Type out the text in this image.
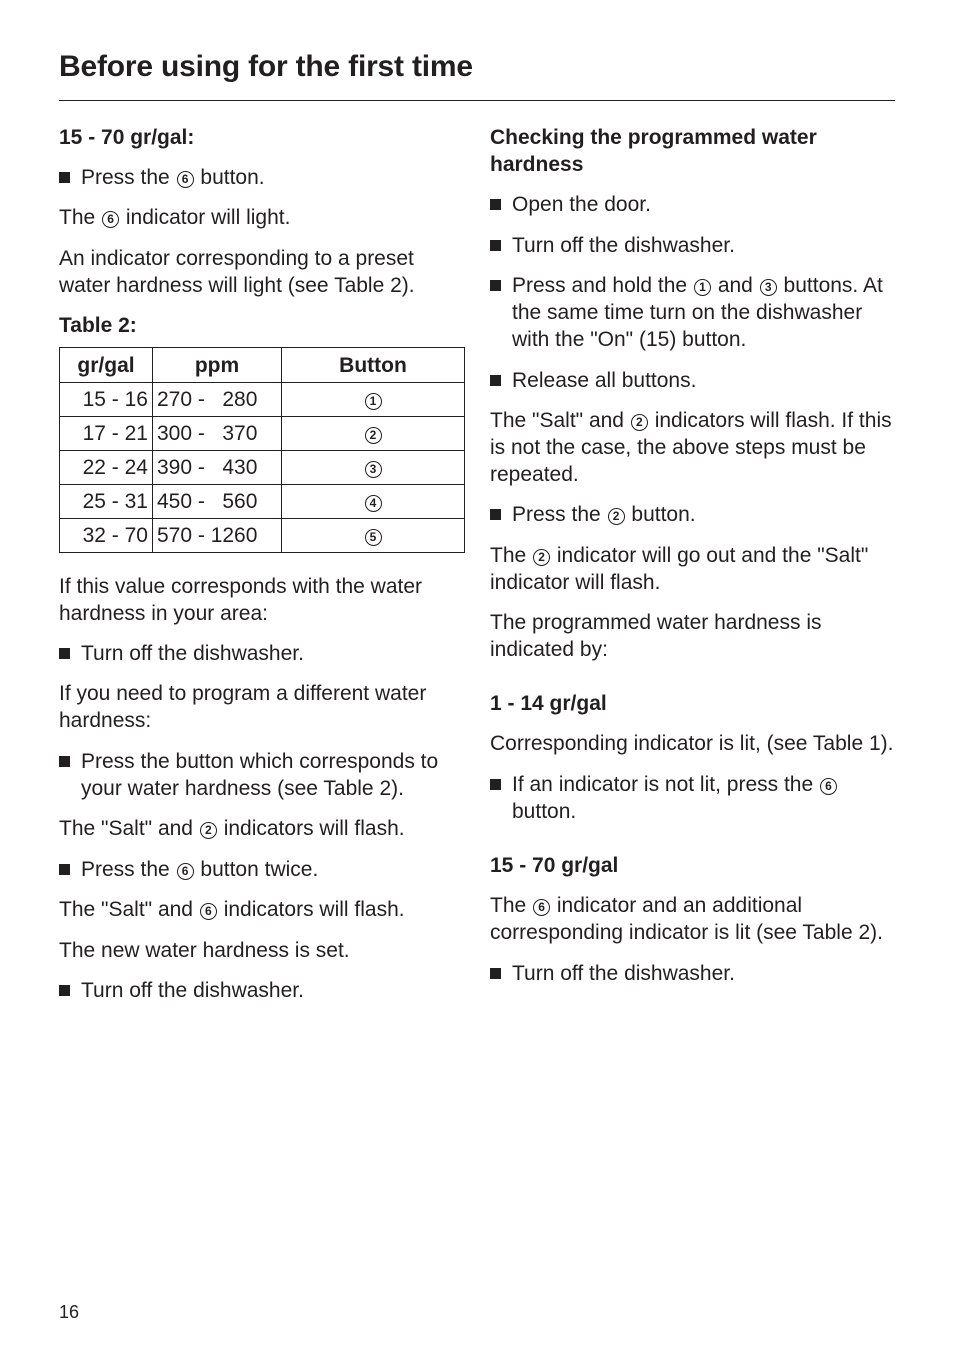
Before using for the first time

15 - 70 gr/gal:

Press the 6 button.

The 6 indicator will light.

An indicator corresponding to a preset water hardness will light (see Table 2).

Table 2:

gr/gal	ppm	Button
15 - 16	270 -   280	1
17 - 21	300 -   370	2
22 - 24	390 -   430	3
25 - 31	450 -   560	4
32 - 70	570 - 1260	5

If this value corresponds with the water hardness in your area:

Turn off the dishwasher.

If you need to program a different water hardness:

Press the button which corresponds to your water hardness (see Table 2).

The "Salt" and 2 indicators will flash.

Press the 6 button twice.

The "Salt" and 6 indicators will flash.

The new water hardness is set.

Turn off the dishwasher.

Checking the programmed water hardness

Open the door.

Turn off the dishwasher.

Press and hold the 1 and 3 buttons. At the same time turn on the dishwasher with the "On" (15) button.

Release all buttons.

The "Salt" and 2 indicators will flash. If this is not the case, the above steps must be repeated.

Press the 2 button.

The 2 indicator will go out and the "Salt" indicator will flash.

The programmed water hardness is indicated by:

1 - 14 gr/gal

Corresponding indicator is lit, (see Table 1).

If an indicator is not lit, press the 6 button.

15 - 70 gr/gal

The 6 indicator and an additional corresponding indicator is lit (see Table 2).

Turn off the dishwasher.

16
